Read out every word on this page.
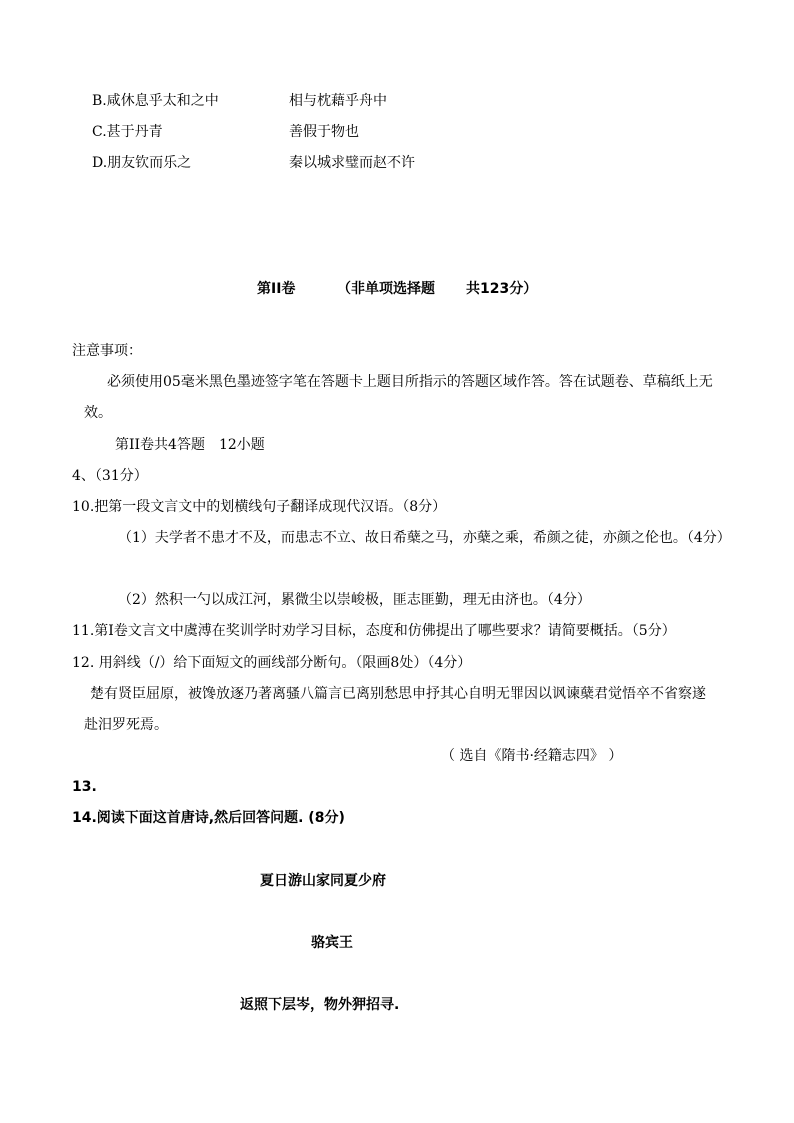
B.咸休息乎太和之中	相与枕藉乎舟中
C.甚于丹青	善假于物也
D.朋友钦而乐之	秦以城求璧而赵不许
第II卷	（非单项选择题 共123分）
注意事项：
必须使用05毫米黑色墨迹签字笔在答题卡上题目所指示的答题区域作答。答在试题卷、草稿纸上无
效。
第II卷共4答题　12小题
4、（31分）
10.把第一段文言文中的划横线句子翻译成现代汉语。（8分）
（1）夫学者不患才不及，而患志不立、故日希蘖之马，亦蘖之乘，希颜之徒，亦颜之伦也。（4分）
（2）然积一勺以成江河，累微尘以崇峻极，匪志匪勤，理无由济也。（4分）
11.第I卷文言文中虞溥在奖训学时劝学习目标，态度和仿佛提出了哪些要求？请简要概括。（5分）
12. 用斜线（/）给下面短文的画线部分断句。（限画8处）（4分）
楚有贤臣屈原，被馋放逐乃著离骚八篇言已离别愁思申抒其心自明无罪因以讽谏蘖君觉悟卒不省察遂
赴汨罗死焉。
（ 选自《隋书·经籍志四》 ）
13.
14.阅读下面这首唐诗,然后回答问题. (8分)
夏日游山家同夏少府
骆宾王
返照下层岑，物外狎招寻.
